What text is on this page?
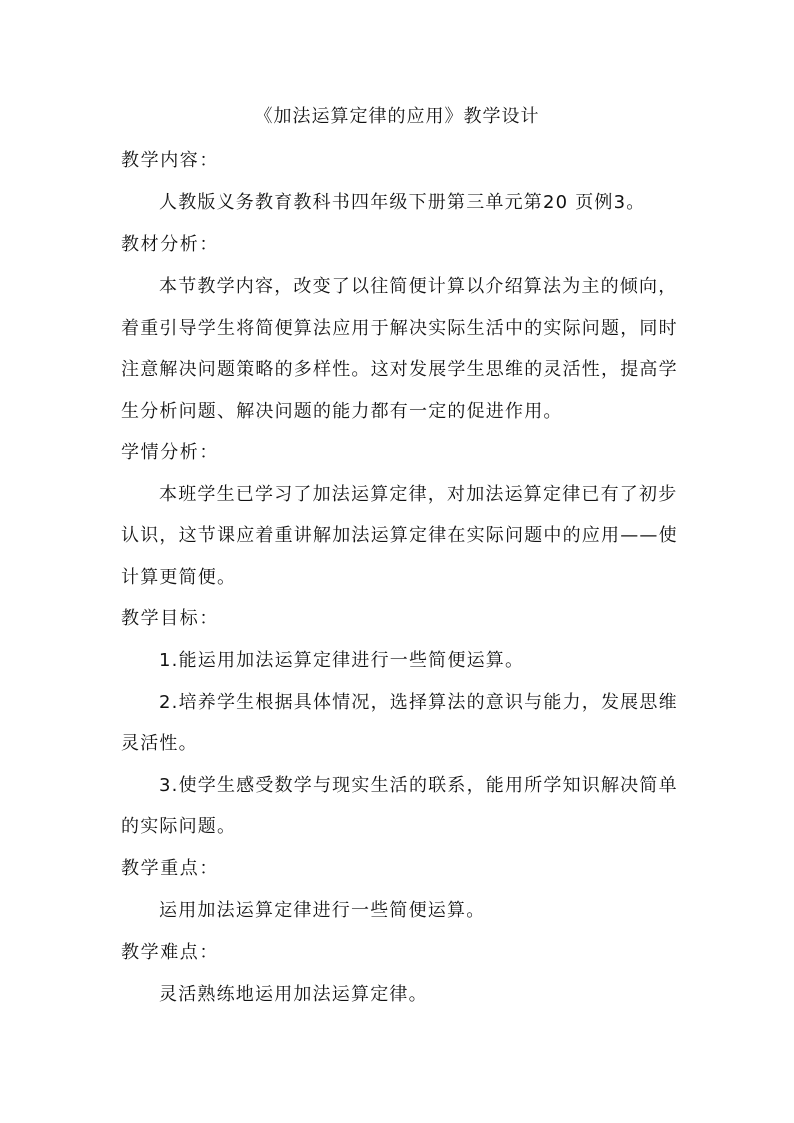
《加法运算定律的应用》教学设计
教学内容：
人教版义务教育教科书四年级下册第三单元第20 页例3。
教材分析：
本节教学内容，改变了以往简便计算以介绍算法为主的倾向，
着重引导学生将简便算法应用于解决实际生活中的实际问题，同时
注意解决问题策略的多样性。这对发展学生思维的灵活性，提高学
生分析问题、解决问题的能力都有一定的促进作用。
学情分析：
本班学生已学习了加法运算定律，对加法运算定律已有了初步
认识，这节课应着重讲解加法运算定律在实际问题中的应用——使
计算更简便。
教学目标：
1.能运用加法运算定律进行一些简便运算。
2.培养学生根据具体情况，选择算法的意识与能力，发展思维
灵活性。
3.使学生感受数学与现实生活的联系，能用所学知识解决简单
的实际问题。
教学重点：
运用加法运算定律进行一些简便运算。
教学难点：
灵活熟练地运用加法运算定律。
